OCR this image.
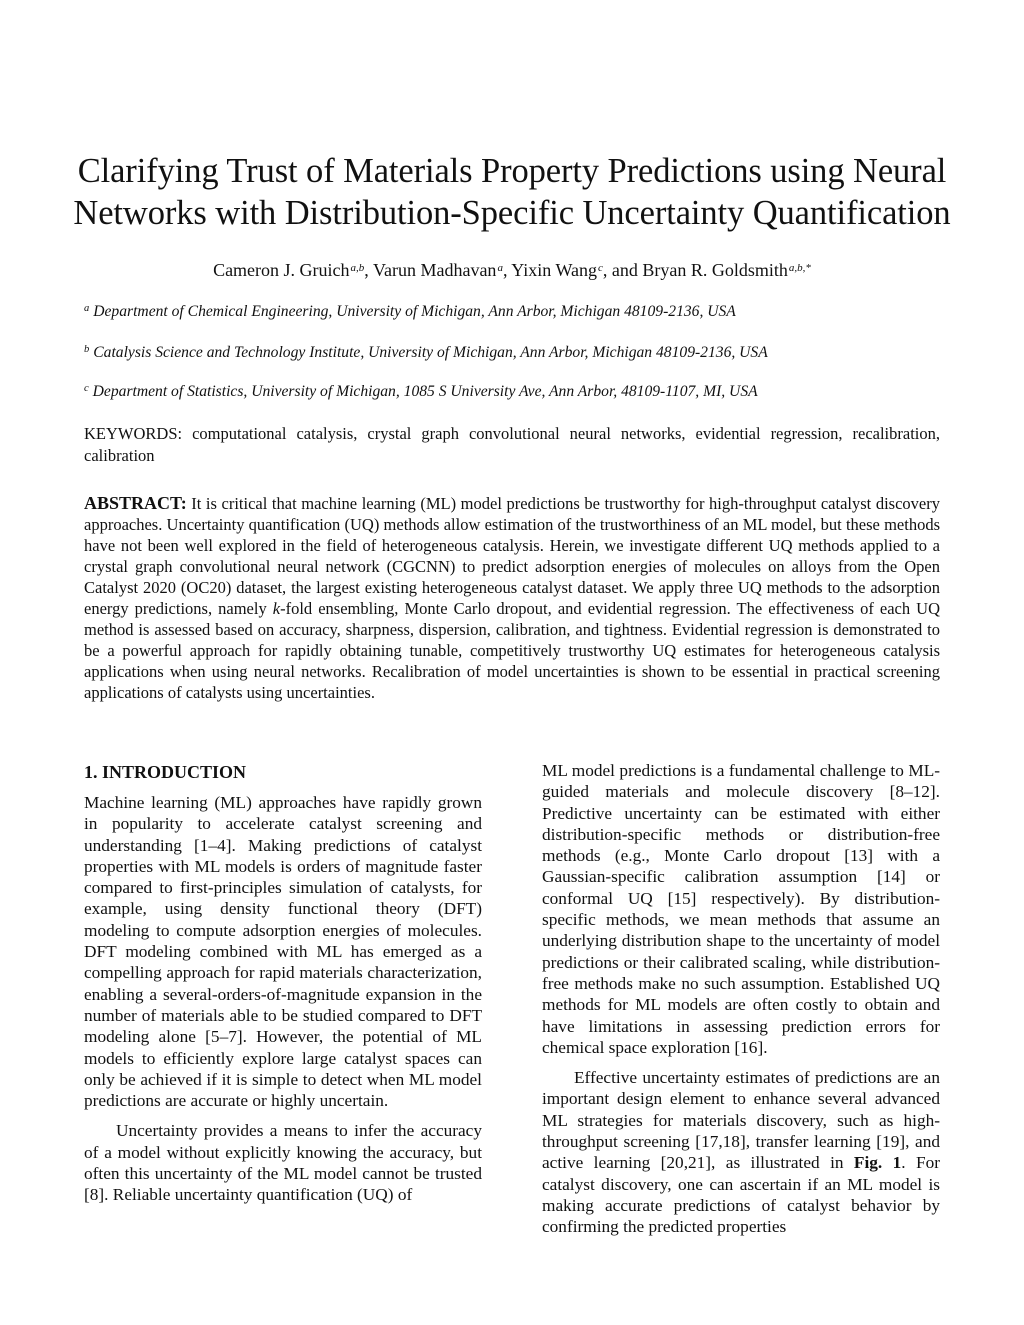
Clarifying Trust of Materials Property Predictions using Neural Networks with Distribution-Specific Uncertainty Quantification
Cameron J. Gruich$^{a,b}$, Varun Madhavan$^a$, Yixin Wang$^c$, and Bryan R. Goldsmith$^{a,b,*}$
$^a$ Department of Chemical Engineering, University of Michigan, Ann Arbor, Michigan 48109-2136, USA
$^b$ Catalysis Science and Technology Institute, University of Michigan, Ann Arbor, Michigan 48109-2136, USA
$^c$ Department of Statistics, University of Michigan, 1085 S University Ave, Ann Arbor, 48109-1107, MI, USA
KEYWORDS: computational catalysis, crystal graph convolutional neural networks, evidential regression, recalibration, calibration
ABSTRACT: It is critical that machine learning (ML) model predictions be trustworthy for high-throughput catalyst discovery approaches. Uncertainty quantification (UQ) methods allow estimation of the trustworthiness of an ML model, but these methods have not been well explored in the field of heterogeneous catalysis. Herein, we investigate different UQ methods applied to a crystal graph convolutional neural network (CGCNN) to predict adsorption energies of molecules on alloys from the Open Catalyst 2020 (OC20) dataset, the largest existing heterogeneous catalyst dataset. We apply three UQ methods to the adsorption energy predictions, namely k-fold ensembling, Monte Carlo dropout, and evidential regression. The effectiveness of each UQ method is assessed based on accuracy, sharpness, dispersion, calibration, and tightness. Evidential regression is demonstrated to be a powerful approach for rapidly obtaining tunable, competitively trustworthy UQ estimates for heterogeneous catalysis applications when using neural networks. Recalibration of model uncertainties is shown to be essential in practical screening applications of catalysts using uncertainties.
1. INTRODUCTION

Machine learning (ML) approaches have rapidly grown in popularity to accelerate catalyst screening and understanding [1–4]. Making predictions of catalyst properties with ML models is orders of magnitude faster compared to first-principles simulation of catalysts, for example, using density functional theory (DFT) modeling to compute adsorption energies of molecules. DFT modeling combined with ML has emerged as a compelling approach for rapid materials characterization, enabling a several-orders-of-magnitude expansion in the number of materials able to be studied compared to DFT modeling alone [5–7]. However, the potential of ML models to efficiently explore large catalyst spaces can only be achieved if it is simple to detect when ML model predictions are accurate or highly uncertain.

Uncertainty provides a means to infer the accuracy of a model without explicitly knowing the accuracy, but often this uncertainty of the ML model cannot be trusted [8]. Reliable uncertainty quantification (UQ) of

ML model predictions is a fundamental challenge to ML-guided materials and molecule discovery [8–12]. Predictive uncertainty can be estimated with either distribution-specific methods or distribution-free methods (e.g., Monte Carlo dropout [13] with a Gaussian-specific calibration assumption [14] or conformal UQ [15] respectively). By distribution-specific methods, we mean methods that assume an underlying distribution shape to the uncertainty of model predictions or their calibrated scaling, while distribution-free methods make no such assumption. Established UQ methods for ML models are often costly to obtain and have limitations in assessing prediction errors for chemical space exploration [16].

Effective uncertainty estimates of predictions are an important design element to enhance several advanced ML strategies for materials discovery, such as high-throughput screening [17,18], transfer learning [19], and active learning [20,21], as illustrated in Fig. 1. For catalyst discovery, one can ascertain if an ML model is making accurate predictions of catalyst behavior by confirming the predicted properties
